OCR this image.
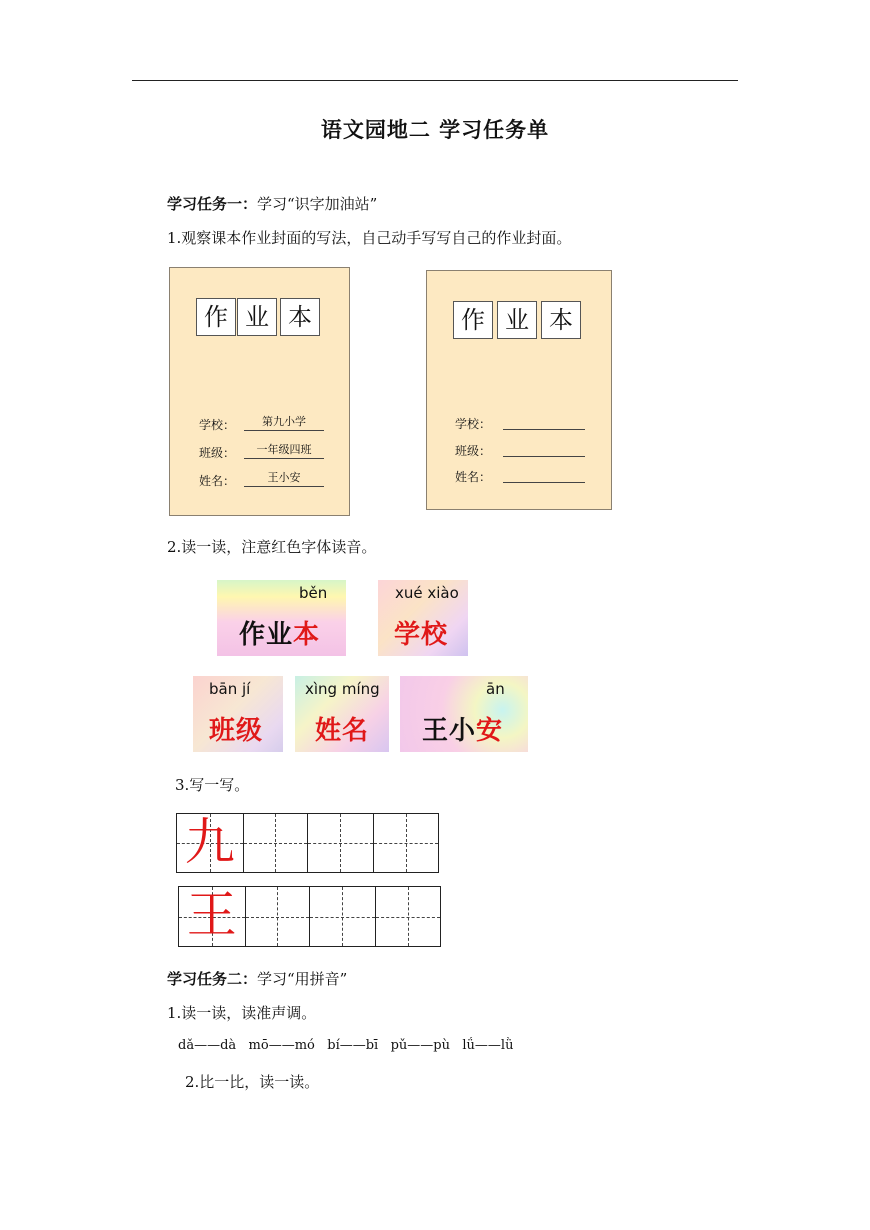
语文园地二 学习任务单
学习任务一：学习“识字加油站”
1.观察课本作业封面的写法，自己动手写写自己的作业封面。
作 业 本
学校：	第九小学
班级：	一年级四班
姓名：	王小安
作 业 本
学校：
班级：
姓名：
2.读一读，注意红色字体读音。
běn
作业本
xué xiào
学校
bān jí
班级
xìng míng
姓名
ān
王小安
3.写一写。
九
王
学习任务二：学习“用拼音”
1.读一读，读准声调。
dǎ——dà   mō——mó   bí——bī   pǔ——pù   lǘ——lǜ
2.比一比，读一读。
